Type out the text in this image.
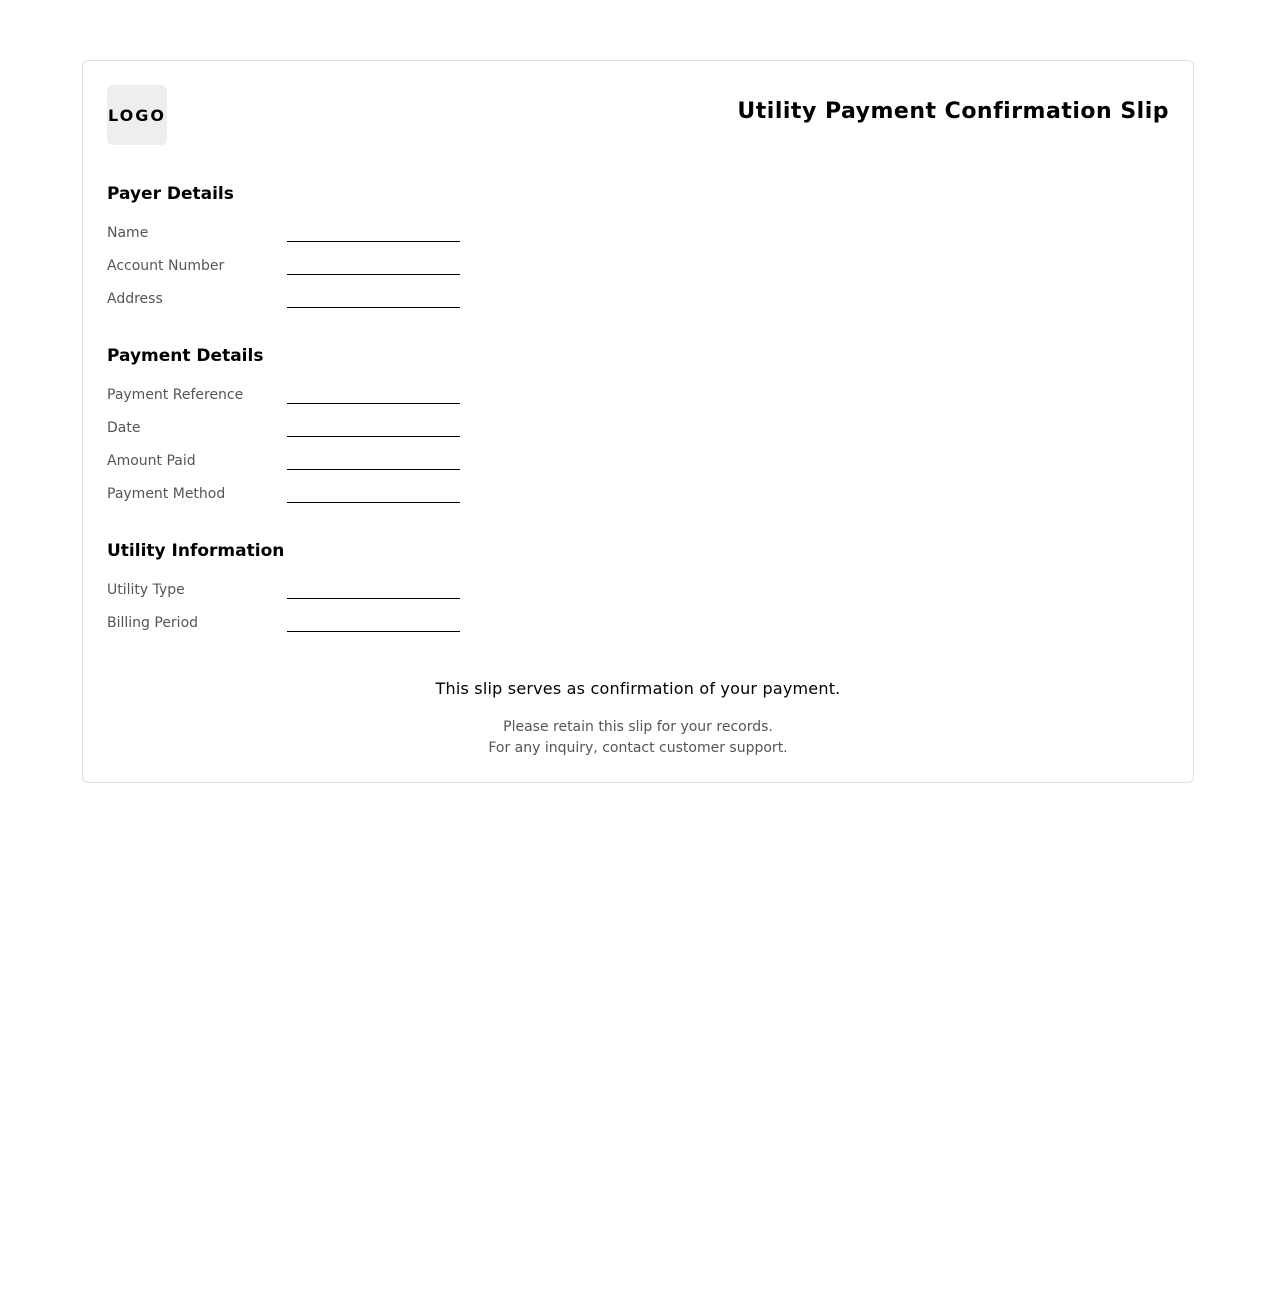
LOGO	Utility Payment Confirmation Slip
Payer Details
Name
Account Number
Address
Payment Details
Payment Reference
Date
Amount Paid
Payment Method
Utility Information
Utility Type
Billing Period
This slip serves as confirmation of your payment.
Please retain this slip for your records.
For any inquiry, contact customer support.
